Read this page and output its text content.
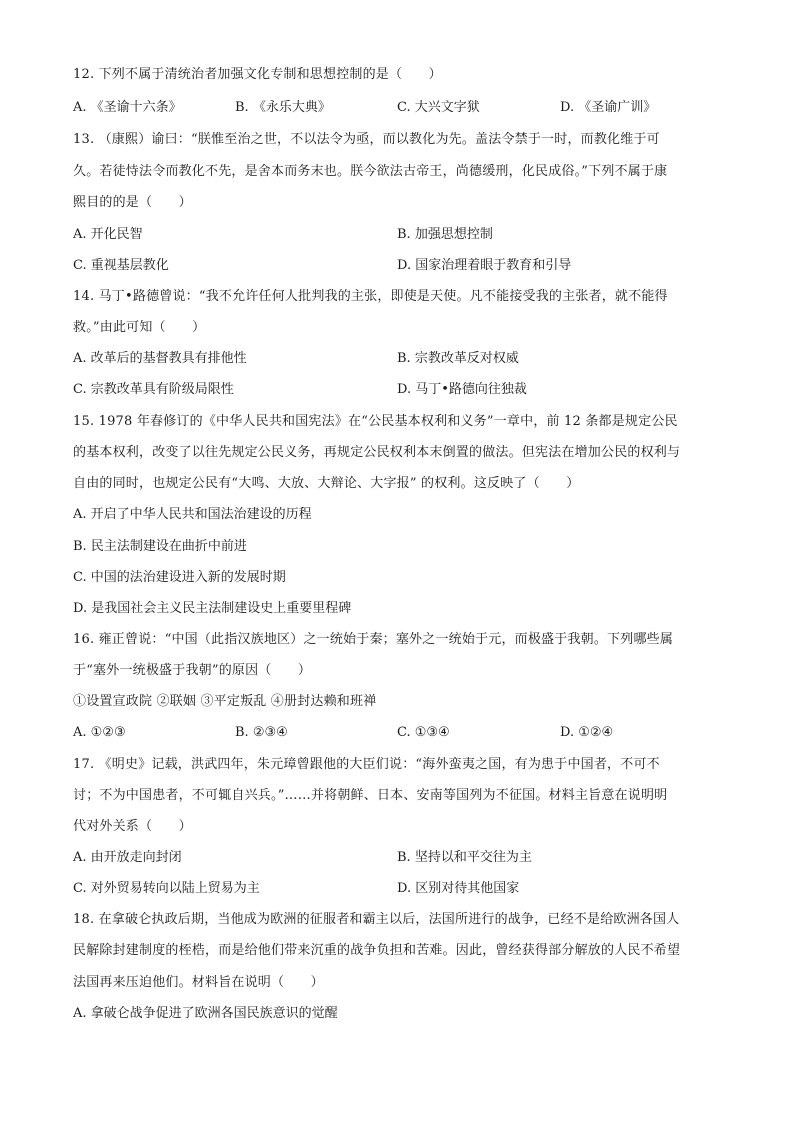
12. 下列不属于清统治者加强文化专制和思想控制的是（　　）
A. 《圣谕十六条》	B. 《永乐大典》	C. 大兴文字狱	D. 《圣谕广训》
13. （康熙）谕曰：“朕惟至治之世，不以法令为亟，而以教化为先。盖法令禁于一时，而教化维于可
久。若徒恃法令而教化不先，是舍本而务末也。朕今欲法古帝王，尚德缓刑，化民成俗。”下列不属于康
熙目的的是（　　）
A. 开化民智	B. 加强思想控制
C. 重视基层教化	D. 国家治理着眼于教育和引导
14. 马丁•路德曾说：“我不允许任何人批判我的主张，即使是天使。凡不能接受我的主张者，就不能得
救。”由此可知（　　）
A. 改革后的基督教具有排他性	B. 宗教改革反对权威
C. 宗教改革具有阶级局限性	D. 马丁•路德向往独裁
15. 1978 年春修订的《中华人民共和国宪法》在“公民基本权利和义务”一章中，前 12 条都是规定公民
的基本权利，改变了以往先规定公民义务，再规定公民权利本末倒置的做法。但宪法在增加公民的权利与
自由的同时，也规定公民有“大鸣、大放、大辩论、大字报” 的权利。这反映了（　　）
A. 开启了中华人民共和国法治建设的历程
B. 民主法制建设在曲折中前进
C. 中国的法治建设进入新的发展时期
D. 是我国社会主义民主法制建设史上重要里程碑
16. 雍正曾说：“中国（此指汉族地区）之一统始于秦；塞外之一统始于元，而极盛于我朝。下列哪些属
于“塞外一统极盛于我朝”的原因（　　）
①设置宣政院 ②联姻 ③平定叛乱 ④册封达赖和班禅
A. ①②③	B. ②③④	C. ①③④	D. ①②④
17. 《明史》记载，洪武四年，朱元璋曾跟他的大臣们说：“海外蛮夷之国，有为患于中国者，不可不
讨；不为中国患者，不可辄自兴兵。”……并将朝鲜、日本、安南等国列为不征国。材料主旨意在说明明
代对外关系（　　）
A. 由开放走向封闭	B. 坚持以和平交往为主
C. 对外贸易转向以陆上贸易为主	D. 区别对待其他国家
18. 在拿破仑执政后期，当他成为欧洲的征服者和霸主以后，法国所进行的战争，已经不是给欧洲各国人
民解除封建制度的桎梏，而是给他们带来沉重的战争负担和苦难。因此，曾经获得部分解放的人民不希望
法国再来压迫他们。材料旨在说明（　　）
A. 拿破仑战争促进了欧洲各国民族意识的觉醒
